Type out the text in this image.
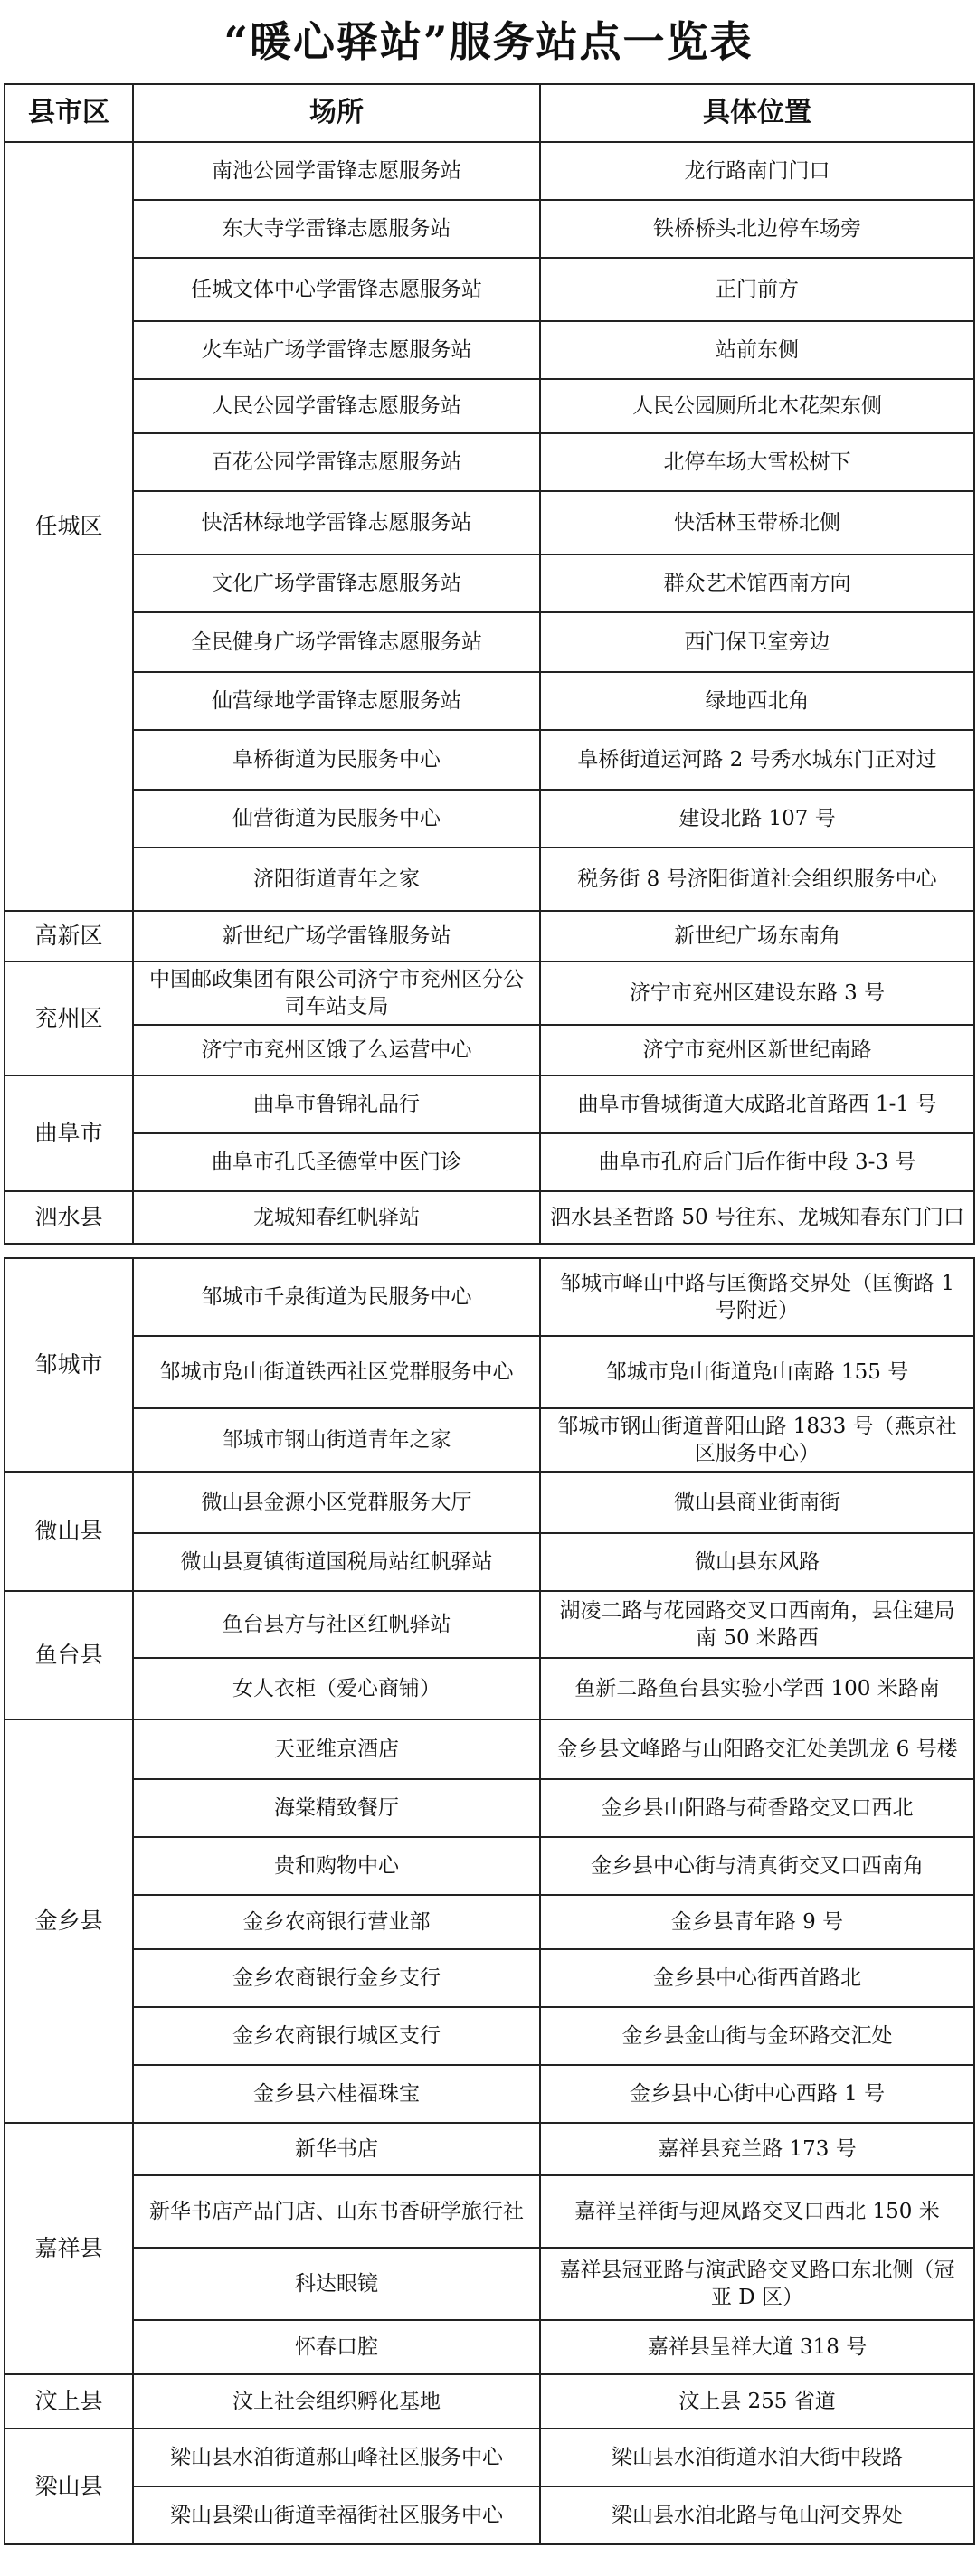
“暖心驿站”服务站点一览表
县市区	场所	具体位置
任城区	南池公园学雷锋志愿服务站	龙行路南门门口
	东大寺学雷锋志愿服务站	铁桥桥头北边停车场旁
	任城文体中心学雷锋志愿服务站	正门前方
	火车站广场学雷锋志愿服务站	站前东侧
	人民公园学雷锋志愿服务站	人民公园厕所北木花架东侧
	百花公园学雷锋志愿服务站	北停车场大雪松树下
	快活林绿地学雷锋志愿服务站	快活林玉带桥北侧
	文化广场学雷锋志愿服务站	群众艺术馆西南方向
	全民健身广场学雷锋志愿服务站	西门保卫室旁边
	仙营绿地学雷锋志愿服务站	绿地西北角
	阜桥街道为民服务中心	阜桥街道运河路 2 号秀水城东门正对过
	仙营街道为民服务中心	建设北路 107 号
	济阳街道青年之家	税务街 8 号济阳街道社会组织服务中心
高新区	新世纪广场学雷锋服务站	新世纪广场东南角
兖州区	中国邮政集团有限公司济宁市兖州区分公司车站支局	济宁市兖州区建设东路 3 号
	济宁市兖州区饿了么运营中心	济宁市兖州区新世纪南路
曲阜市	曲阜市鲁锦礼品行	曲阜市鲁城街道大成路北首路西 1-1 号
	曲阜市孔氏圣德堂中医门诊	曲阜市孔府后门后作街中段 3-3 号
泗水县	龙城知春红帆驿站	泗水县圣哲路 50 号往东、龙城知春东门门口

邹城市	邹城市千泉街道为民服务中心	邹城市峄山中路与匡衡路交界处（匡衡路 1 号附近）
	邹城市凫山街道铁西社区党群服务中心	邹城市凫山街道凫山南路 155 号
	邹城市钢山街道青年之家	邹城市钢山街道普阳山路 1833 号（燕京社区服务中心）
微山县	微山县金源小区党群服务大厅	微山县商业街南街
	微山县夏镇街道国税局站红帆驿站	微山县东风路
鱼台县	鱼台县方与社区红帆驿站	湖凌二路与花园路交叉口西南角，县住建局南 50 米路西
	女人衣柜（爱心商铺）	鱼新二路鱼台县实验小学西 100 米路南
金乡县	天亚维京酒店	金乡县文峰路与山阳路交汇处美凯龙 6 号楼
	海棠精致餐厅	金乡县山阳路与荷香路交叉口西北
	贵和购物中心	金乡县中心街与清真街交叉口西南角
	金乡农商银行营业部	金乡县青年路 9 号
	金乡农商银行金乡支行	金乡县中心街西首路北
	金乡农商银行城区支行	金乡县金山街与金环路交汇处
	金乡县六桂福珠宝	金乡县中心街中心西路 1 号
嘉祥县	新华书店	嘉祥县兖兰路 173 号
	新华书店产品门店、山东书香研学旅行社	嘉祥呈祥街与迎凤路交叉口西北 150 米
	科达眼镜	嘉祥县冠亚路与演武路交叉路口东北侧（冠亚 D 区）
	怀春口腔	嘉祥县呈祥大道 318 号
汶上县	汶上社会组织孵化基地	汶上县 255 省道
梁山县	梁山县水泊街道郝山峰社区服务中心	梁山县水泊街道水泊大街中段路
	梁山县梁山街道幸福街社区服务中心	梁山县水泊北路与龟山河交界处
